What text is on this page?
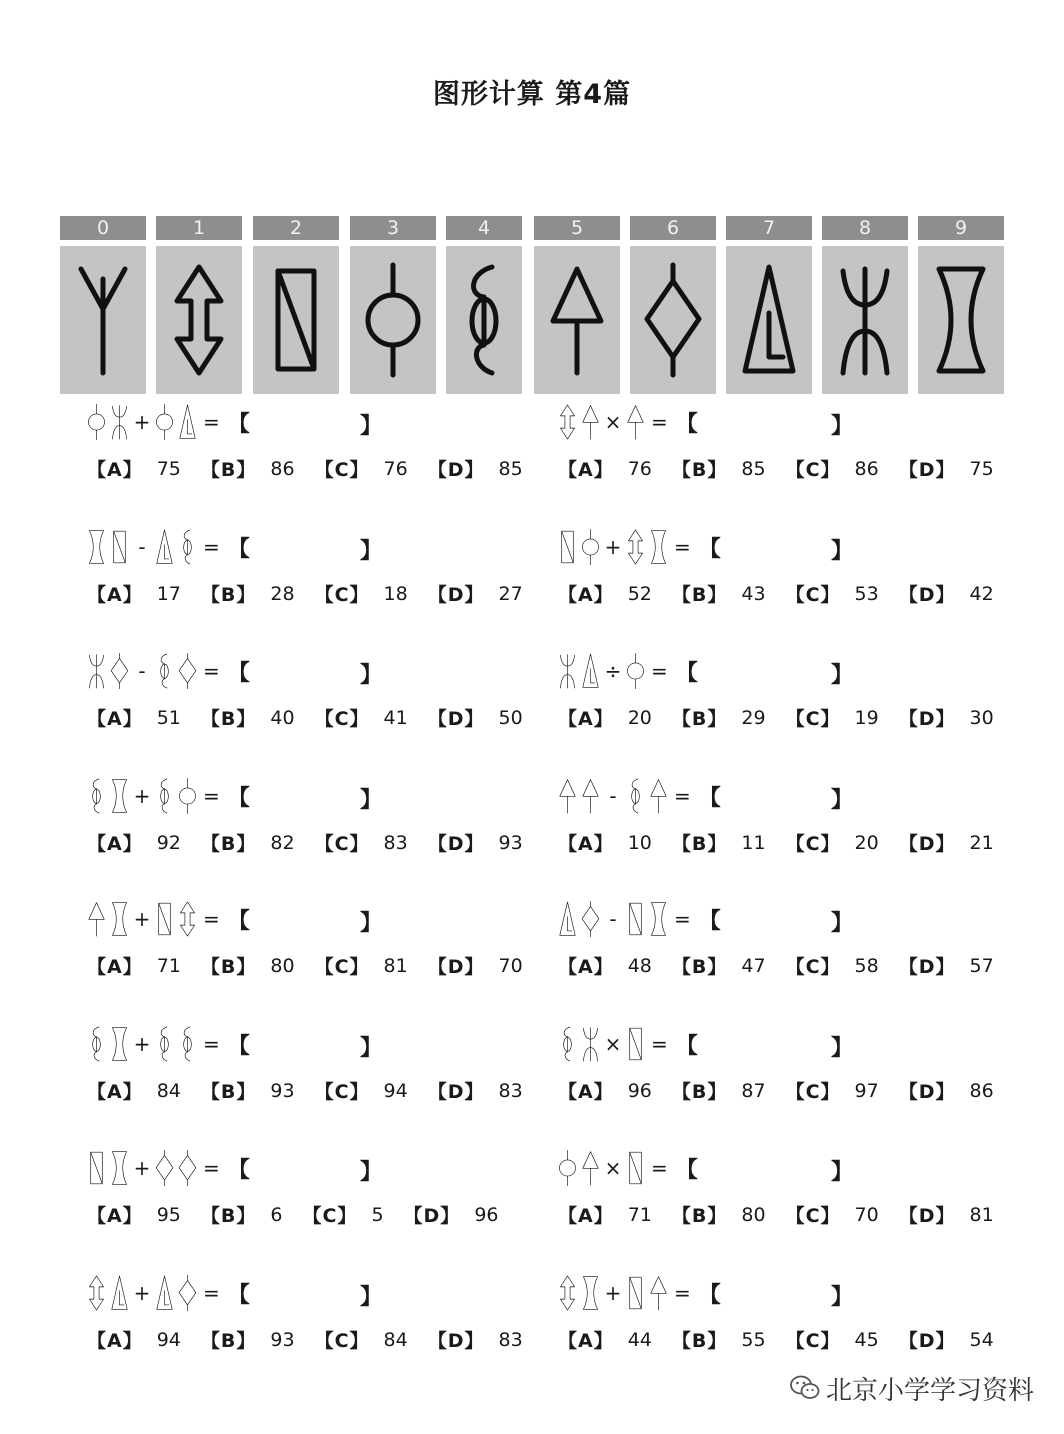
图形计算 第4篇
0	1	2	3	4	5	6	7	8	9
+	= 【	】
【A】 75 【B】 86 【C】 76 【D】 85
× = 【	】
【A】 76 【B】 85 【C】 86 【D】 75
-	= 【	】
【A】 17 【B】 28 【C】 18 【D】 27
+	= 【	】
【A】 52 【B】 43 【C】 53 【D】 42
-	= 【	】
【A】 51 【B】 40 【C】 41 【D】 50
÷ = 【	】
【A】 20 【B】 29 【C】 19 【D】 30
+	= 【	】
【A】 92 【B】 82 【C】 83 【D】 93
-	= 【	】
【A】 10 【B】 11 【C】 20 【D】 21
+	= 【	】
【A】 71 【B】 80 【C】 81 【D】 70
-	= 【	】
【A】 48 【B】 47 【C】 58 【D】 57
+	= 【	】
【A】 84 【B】 93 【C】 94 【D】 83
× = 【	】
【A】 96 【B】 87 【C】 97 【D】 86
+	= 【	】
【A】 95 【B】 6 【C】 5 【D】 96
× = 【	】
【A】 71 【B】 80 【C】 70 【D】 81
+	= 【	】
【A】 94 【B】 93 【C】 84 【D】 83
+	= 【	】
【A】 44 【B】 55 【C】 45 【D】 54
北京小学学习资料
